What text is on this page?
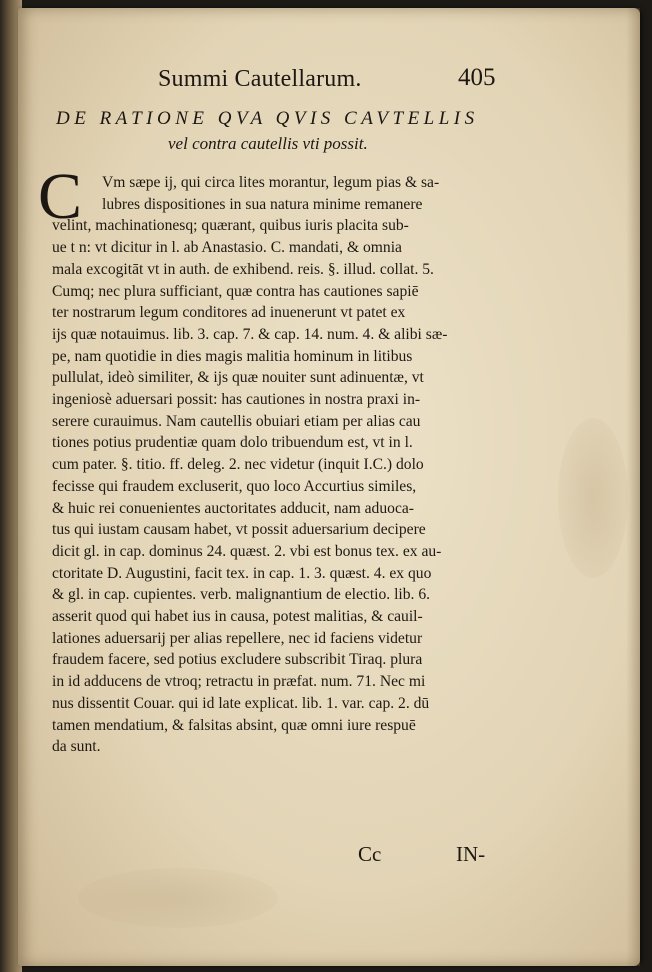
Summi Cautellarum.	405
DE RATIONE QVA QVIS CAVTELLIS
vel contra cautellis vti possit.
C	Vm sæpe ij, qui circa lites morantur, legum pias & sa-
lubres dispositiones in sua natura minime remanere
velint, machinationesq; quærant, quibus iuris placita sub-
ue t n: vt dicitur in l. ab Anastasio. C. mandati, & omnia
mala excogitāt vt in auth. de exhibend. reis. §. illud. collat. 5.
Cumq; nec plura sufficiant, quæ contra has cautiones sapiē
ter nostrarum legum conditores ad inuenerunt vt patet ex
ijs quæ notauimus. lib. 3. cap. 7. & cap. 14. num. 4. & alibi sæ-
pe, nam quotidie in dies magis malitia hominum in litibus
pullulat, ideò similiter, & ijs quæ nouiter sunt adinuentæ, vt
ingeniosè aduersari possit: has cautiones in nostra praxi in-
serere curauimus. Nam cautellis obuiari etiam per alias cau
tiones potius prudentiæ quam dolo tribuendum est, vt in l.
cum pater. §. titio. ff. deleg. 2. nec videtur (inquit I.C.) dolo
fecisse qui fraudem excluserit, quo loco Accurtius similes,
& huic rei conuenientes auctoritates adducit, nam aduoca-
tus qui iustam causam habet, vt possit aduersarium decipere
dicit gl. in cap. dominus 24. quæst. 2. vbi est bonus tex. ex au-
ctoritate D. Augustini, facit tex. in cap. 1. 3. quæst. 4. ex quo
& gl. in cap. cupientes. verb. malignantium de electio. lib. 6.
asserit quod qui habet ius in causa, potest malitias, & cauil-
lationes aduersarij per alias repellere, nec id faciens videtur
fraudem facere, sed potius excludere subscribit Tiraq. plura
in id adducens de vtroq; retractu in præfat. num. 71. Nec mi
nus dissentit Couar. qui id late explicat. lib. 1. var. cap. 2. dū
tamen mendatium, & falsitas absint, quæ omni iure respuē
da sunt.
Cc	IN-
